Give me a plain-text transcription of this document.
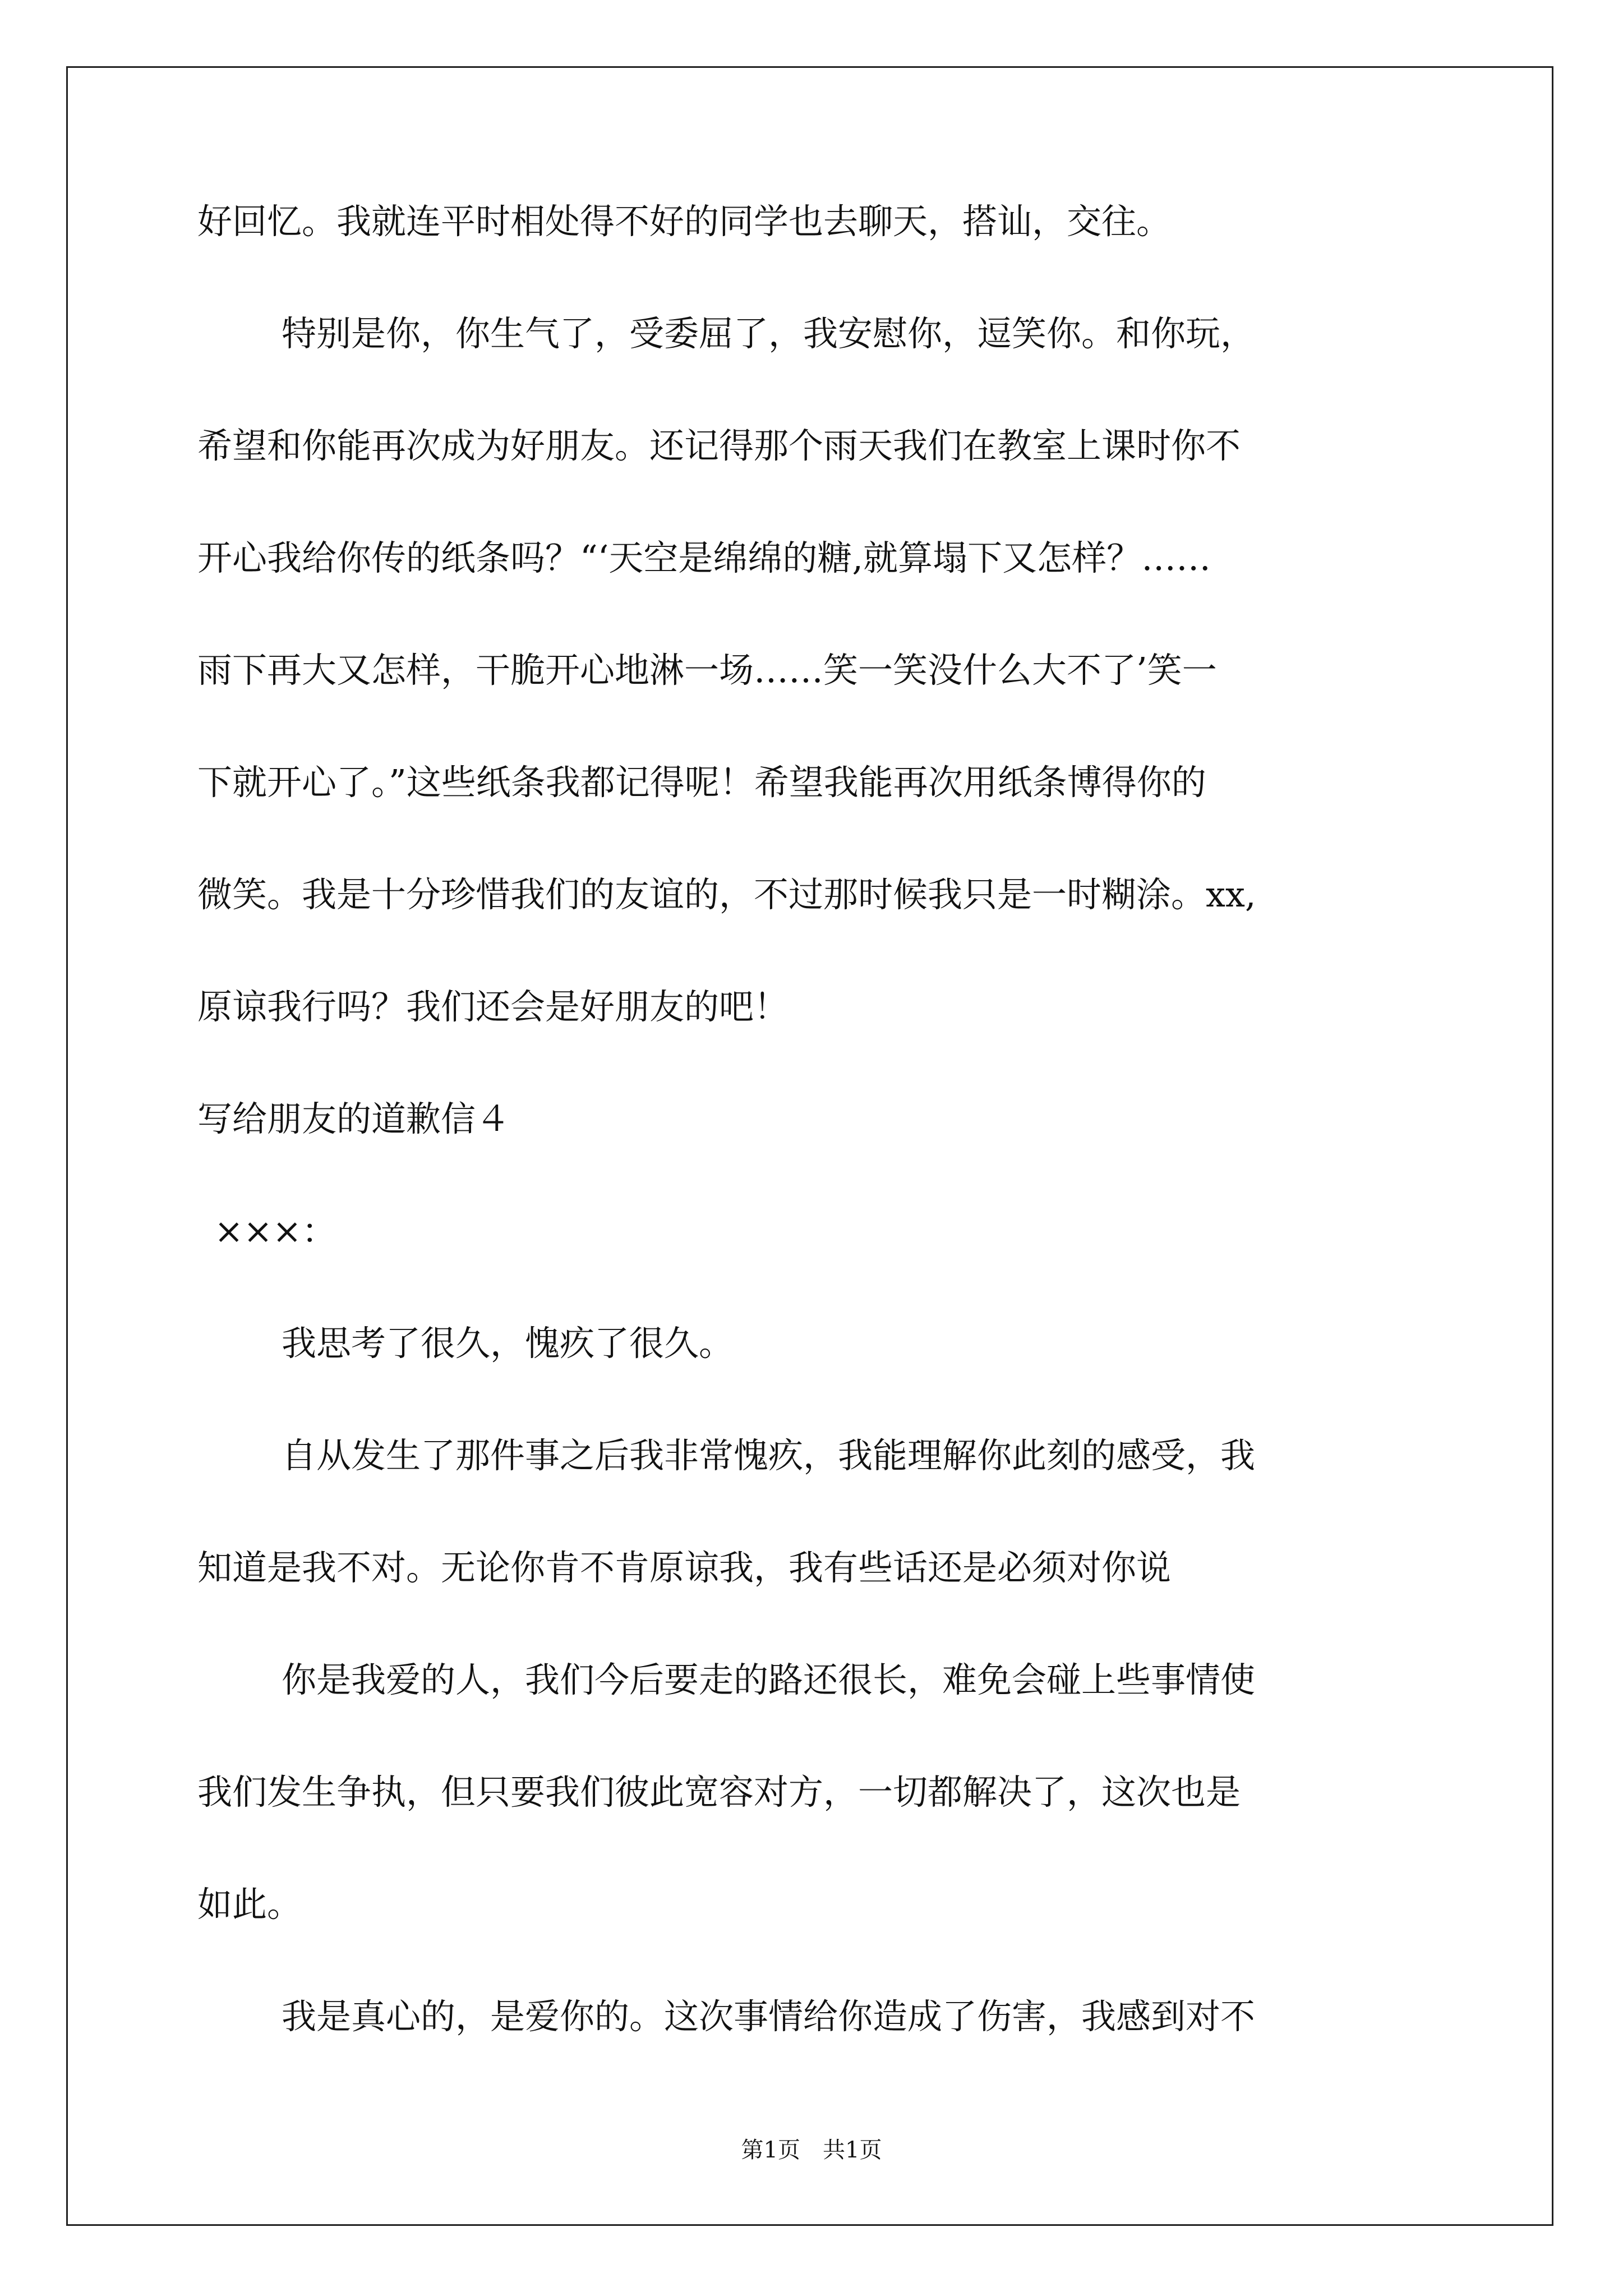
好回忆。我就连平时相处得不好的同学也去聊天，搭讪，交往。
特别是你，你生气了，受委屈了，我安慰你，逗笑你。和你玩，
希望和你能再次成为好朋友。还记得那个雨天我们在教室上课时你不
开心我给你传的纸条吗？“‘天空是绵绵的糖,就算塌下又怎样？……
雨下再大又怎样，干脆开心地淋一场……笑一笑没什么大不了’笑一
下就开心了。”这些纸条我都记得呢！希望我能再次用纸条博得你的
微笑。我是十分珍惜我们的友谊的，不过那时候我只是一时糊涂。xx,
原谅我行吗？我们还会是好朋友的吧！
写给朋友的道歉信４
×××：
我思考了很久，愧疚了很久。
自从发生了那件事之后我非常愧疚，我能理解你此刻的感受，我
知道是我不对。无论你肯不肯原谅我，我有些话还是必须对你说
你是我爱的人，我们今后要走的路还很长，难免会碰上些事情使
我们发生争执，但只要我们彼此宽容对方，一切都解决了，这次也是
如此。
我是真心的，是爱你的。这次事情给你造成了伤害，我感到对不
第1页　共1页
